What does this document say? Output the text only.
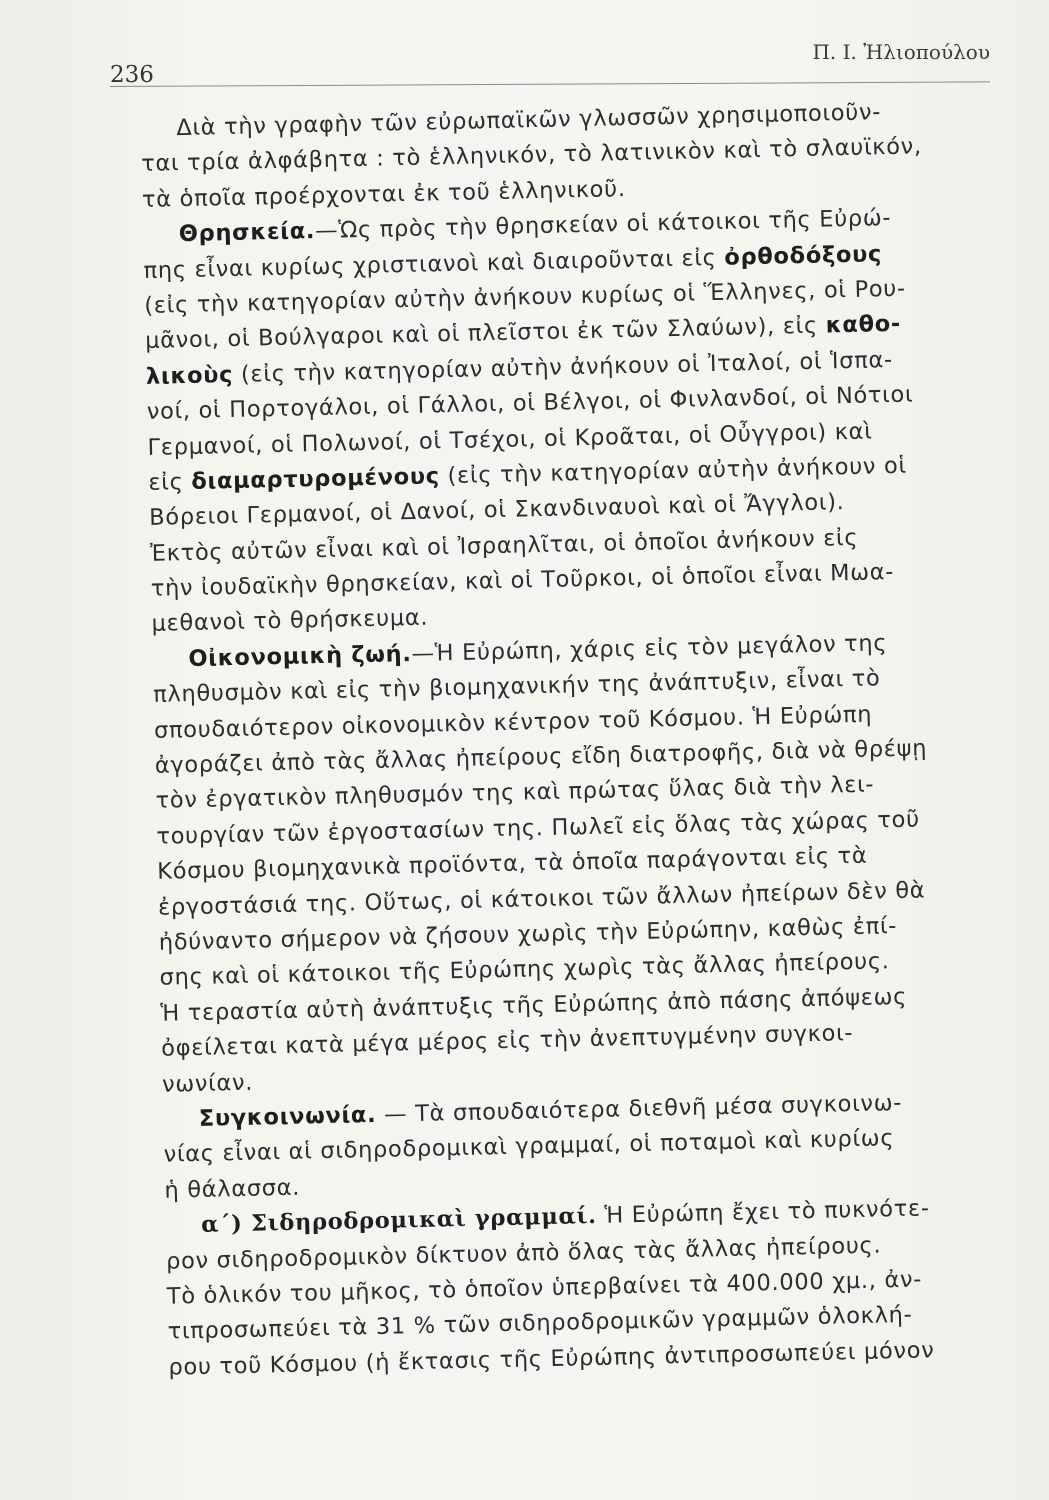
236
Π. Ι. Ἠλιοπούλου
Διὰ τὴν γραφὴν τῶν εὐρωπαϊκῶν γλωσσῶν χρησιμοποιοῦν-
ται τρία ἀλφάβητα : τὸ ἑλληνικόν, τὸ λατινικὸν καὶ τὸ σλαυϊκόν,
τὰ ὁποῖα προέρχονται ἐκ τοῦ ἑλληνικοῦ.
Θρησκεία.—Ὡς πρὸς τὴν θρησκείαν οἱ κάτοικοι τῆς Εὐρώ-
πης εἶναι κυρίως χριστιανοὶ καὶ διαιροῦνται εἰς ὀρθοδόξους
(εἰς τὴν κατηγορίαν αὐτὴν ἀνήκουν κυρίως οἱ Ἕλληνες, οἱ Ρου-
μᾶνοι, οἱ Βούλγαροι καὶ οἱ πλεῖστοι ἐκ τῶν Σλαύων), εἰς καθο-
λικοὺς (εἰς τὴν κατηγορίαν αὐτὴν ἀνήκουν οἱ Ἰταλοί, οἱ Ἱσπα-
νοί, οἱ Πορτογάλοι, οἱ Γάλλοι, οἱ Βέλγοι, οἱ Φινλανδοί, οἱ Νότιοι
Γερμανοί, οἱ Πολωνοί, οἱ Τσέχοι, οἱ Κροᾶται, οἱ Οὖγγροι) καὶ
εἰς διαμαρτυρομένους (εἰς τὴν κατηγορίαν αὐτὴν ἀνήκουν οἱ
Βόρειοι Γερμανοί, οἱ Δανοί, οἱ Σκανδιναυοὶ καὶ οἱ Ἄγγλοι).
Ἐκτὸς αὐτῶν εἶναι καὶ οἱ Ἰσραηλῖται, οἱ ὁποῖοι ἀνήκουν εἰς
τὴν ἰουδαϊκὴν θρησκείαν, καὶ οἱ Τοῦρκοι, οἱ ὁποῖοι εἶναι Μωα-
μεθανοὶ τὸ θρήσκευμα.
Οἰκονομικὴ ζωή.—Ἡ Εὐρώπη, χάρις εἰς τὸν μεγάλον της
πληθυσμὸν καὶ εἰς τὴν βιομηχανικήν της ἀνάπτυξιν, εἶναι τὸ
σπουδαιότερον οἰκονομικὸν κέντρον τοῦ Κόσμου. Ἡ Εὐρώπη
ἀγοράζει ἀπὸ τὰς ἄλλας ἠπείρους εἴδη διατροφῆς, διὰ νὰ θρέψῃ
τὸν ἐργατικὸν πληθυσμόν της καὶ πρώτας ὕλας διὰ τὴν λει-
τουργίαν τῶν ἐργοστασίων της. Πωλεῖ εἰς ὅλας τὰς χώρας τοῦ
Κόσμου βιομηχανικὰ προϊόντα, τὰ ὁποῖα παράγονται εἰς τὰ
ἐργοστάσιά της. Οὕτως, οἱ κάτοικοι τῶν ἄλλων ἠπείρων δὲν θὰ
ἠδύναντο σήμερον νὰ ζήσουν χωρὶς τὴν Εὐρώπην, καθὼς ἐπί-
σης καὶ οἱ κάτοικοι τῆς Εὐρώπης χωρὶς τὰς ἄλλας ἠπείρους.
Ἡ τεραστία αὐτὴ ἀνάπτυξις τῆς Εὐρώπης ἀπὸ πάσης ἀπόψεως
ὀφείλεται κατὰ μέγα μέρος εἰς τὴν ἀνεπτυγμένην συγκοι-
νωνίαν.
Συγκοινωνία. — Τὰ σπουδαιότερα διεθνῆ μέσα συγκοινω-
νίας εἶναι αἱ σιδηροδρομικαὶ γραμμαί, οἱ ποταμοὶ καὶ κυρίως
ἡ θάλασσα.
α΄) Σιδηροδρομικαὶ γραμμαί. Ἡ Εὐρώπη ἔχει τὸ πυκνότε-
ρον σιδηροδρομικὸν δίκτυον ἀπὸ ὅλας τὰς ἄλλας ἠπείρους.
Τὸ ὁλικόν του μῆκος, τὸ ὁποῖον ὑπερβαίνει τὰ 400.000 χμ., ἀν-
τιπροσωπεύει τὰ 31 % τῶν σιδηροδρομικῶν γραμμῶν ὁλοκλή-
ρου τοῦ Κόσμου (ἡ ἔκτασις τῆς Εὐρώπης ἀντιπροσωπεύει μόνον
